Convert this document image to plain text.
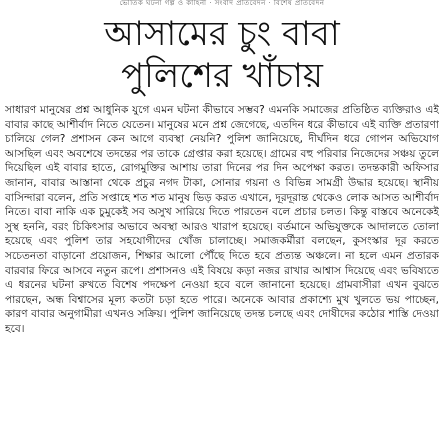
ভৌতিক ঘটনা গল্প ও কাহিনী · সংবাদ প্রতিবেদন · বিশেষ প্রতিবেদন
আসামের চুং বাবা
পুলিশের খাঁচায়

সাধারণ মানুষের প্রশ্ন আধুনিক যুগে এমন ঘটনা কীভাবে সম্ভব? এমনকি সমাজের প্রতিষ্ঠিত ব্যক্তিরাও এই বাবার কাছে আশীর্বাদ নিতে যেতেন। মানুষের মনে প্রশ্ন জেগেছে, এতদিন ধরে কীভাবে এই ব্যক্তি প্রতারণা চালিয়ে গেল? প্রশাসন কেন আগে ব্যবস্থা নেয়নি? পুলিশ জানিয়েছে, দীর্ঘদিন ধরে গোপন অভিযোগ আসছিল এবং অবশেষে তদন্তের পর তাকে গ্রেপ্তার করা হয়েছে। গ্রামের বহু পরিবার নিজেদের সঞ্চয় তুলে দিয়েছিল এই বাবার হাতে, রোগমুক্তির আশায় তারা দিনের পর দিন অপেক্ষা করত। তদন্তকারী অফিসার জানান, বাবার আস্তানা থেকে প্রচুর নগদ টাকা, সোনার গয়না ও বিভিন্ন সামগ্রী উদ্ধার হয়েছে। স্থানীয় বাসিন্দারা বলেন, প্রতি সপ্তাহে শত শত মানুষ ভিড় করত এখানে, দূরদূরান্ত থেকেও লোক আসত আশীর্বাদ নিতে। বাবা নাকি এক চুমুকেই সব অসুখ সারিয়ে দিতে পারতেন বলে প্রচার চলত। কিন্তু বাস্তবে অনেকেই সুস্থ হননি, বরং চিকিৎসার অভাবে অবস্থা আরও খারাপ হয়েছে। বর্তমানে অভিযুক্তকে আদালতে তোলা হয়েছে এবং পুলিশ তার সহযোগীদের খোঁজ চালাচ্ছে। সমাজকর্মীরা বলছেন, কুসংস্কার দূর করতে সচেতনতা বাড়ানো প্রয়োজন, শিক্ষার আলো পৌঁছে দিতে হবে প্রত্যন্ত অঞ্চলে। না হলে এমন প্রতারক বারবার ফিরে আসবে নতুন রূপে। প্রশাসনও এই বিষয়ে কড়া নজর রাখার আশ্বাস দিয়েছে এবং ভবিষ্যতে এ ধরনের ঘটনা রুখতে বিশেষ পদক্ষেপ নেওয়া হবে বলে জানানো হয়েছে। গ্রামবাসীরা এখন বুঝতে পারছেন, অন্ধ বিশ্বাসের মূল্য কতটা চড়া হতে পারে। অনেকে আবার প্রকাশ্যে মুখ খুলতে ভয় পাচ্ছেন, কারণ বাবার অনুগামীরা এখনও সক্রিয়। পুলিশ জানিয়েছে তদন্ত চলছে এবং দোষীদের কঠোর শাস্তি দেওয়া হবে।
